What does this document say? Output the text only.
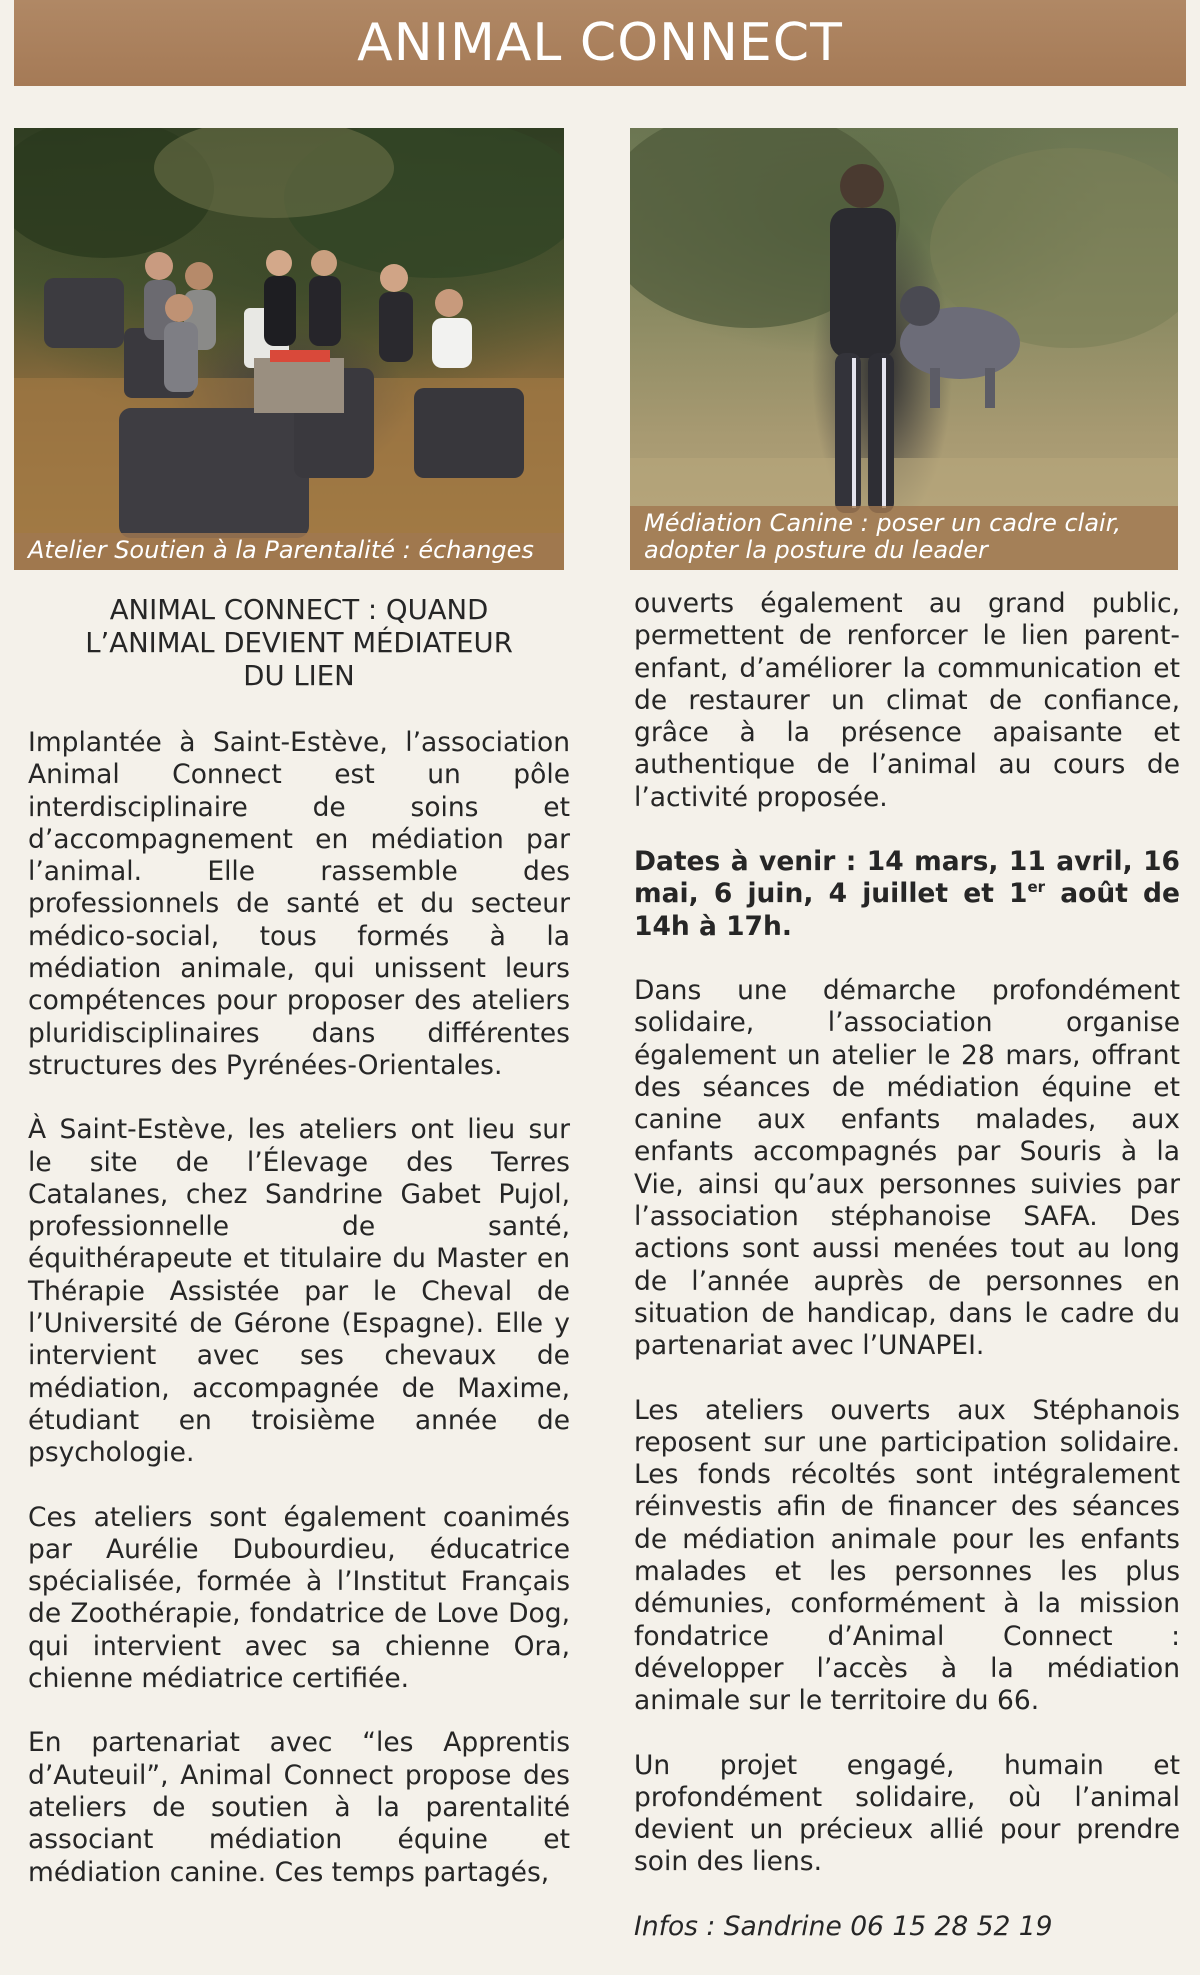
ANIMAL CONNECT
Atelier Soutien à la Parentalité : échanges
Médiation Canine : poser un cadre clair,
adopter la posture du leader

ANIMAL CONNECT : QUAND
L’ANIMAL DEVIENT MÉDIATEUR
DU LIEN

Implantée à Saint-Estève, l’association Animal Connect est un pôle interdisciplinaire de soins et d’accompagnement en médiation par l’animal. Elle rassemble des professionnels de santé et du secteur médico-social, tous formés à la médiation animale, qui unissent leurs compétences pour proposer des ateliers pluridisciplinaires dans différentes structures des Pyrénées-Orientales.

À Saint-Estève, les ateliers ont lieu sur le site de l’Élevage des Terres Catalanes, chez Sandrine Gabet Pujol, professionnelle de santé, équithérapeute et titulaire du Master en Thérapie Assistée par le Cheval de l’Université de Gérone (Espagne). Elle y intervient avec ses chevaux de médiation, accompagnée de Maxime, étudiant en troisième année de psychologie.

Ces ateliers sont également coanimés par Aurélie Dubourdieu, éducatrice spécialisée, formée à l’Institut Français de Zoothérapie, fondatrice de Love Dog, qui intervient avec sa chienne Ora, chienne médiatrice certifiée.

En partenariat avec “les Apprentis d’Auteuil”, Animal Connect propose des ateliers de soutien à la parentalité associant médiation équine et médiation canine. Ces temps partagés,

ouverts également au grand public, permettent de renforcer le lien parent-enfant, d’améliorer la communication et de restaurer un climat de confiance, grâce à la présence apaisante et authentique de l’animal au cours de l’activité proposée.

Dates à venir : 14 mars, 11 avril, 16 mai, 6 juin, 4 juillet et 1er août de 14h à 17h.

Dans une démarche profondément solidaire, l’association organise également un atelier le 28 mars, offrant des séances de médiation équine et canine aux enfants malades, aux enfants accompagnés par Souris à la Vie, ainsi qu’aux personnes suivies par l’association stéphanoise SAFA. Des actions sont aussi menées tout au long de l’année auprès de personnes en situation de handicap, dans le cadre du partenariat avec l’UNAPEI.

Les ateliers ouverts aux Stéphanois reposent sur une participation solidaire. Les fonds récoltés sont intégralement réinvestis afin de financer des séances de médiation animale pour les enfants malades et les personnes les plus démunies, conformément à la mission fondatrice d’Animal Connect : développer l’accès à la médiation animale sur le territoire du 66.

Un projet engagé, humain et profondément solidaire, où l’animal devient un précieux allié pour prendre soin des liens.

Infos : Sandrine 06 15 28 52 19
